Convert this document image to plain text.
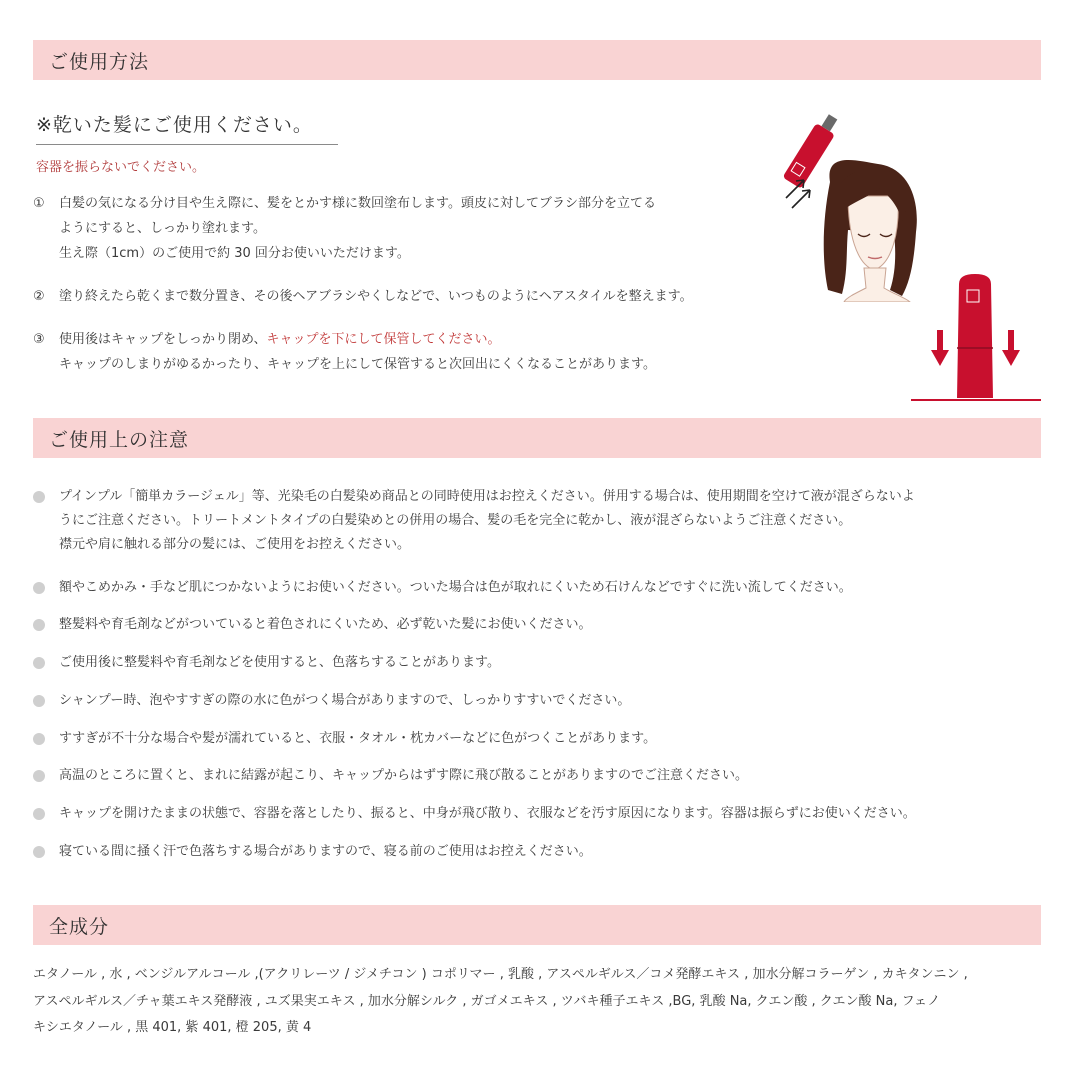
ご使用方法
※乾いた髪にご使用ください。
容器を振らないでください。
①	白髪の気になる分け目や生え際に、髪をとかす様に数回塗布します。頭皮に対してブラシ部分を立てる
ようにすると、しっかり塗れます。
生え際（1cm）のご使用で約 30 回分お使いいただけます。
②	塗り終えたら乾くまで数分置き、その後ヘアブラシやくしなどで、いつものようにヘアスタイルを整えます。
③	使用後はキャップをしっかり閉め、キャップを下にして保管してください。
キャップのしまりがゆるかったり、キャップを上にして保管すると次回出にくくなることがあります。
ご使用上の注意
プインプル「簡単カラージェル」等、光染毛の白髪染め商品との同時使用はお控えください。併用する場合は、使用期間を空けて液が混ざらないよ
うにご注意ください。トリートメントタイプの白髪染めとの併用の場合、髪の毛を完全に乾かし、液が混ざらないようご注意ください。
襟元や肩に触れる部分の髪には、ご使用をお控えください。
額やこめかみ・手など肌につかないようにお使いください。ついた場合は色が取れにくいため石けんなどですぐに洗い流してください。
整髪料や育毛剤などがついていると着色されにくいため、必ず乾いた髪にお使いください。
ご使用後に整髪料や育毛剤などを使用すると、色落ちすることがあります。
シャンプー時、泡やすすぎの際の水に色がつく場合がありますので、しっかりすすいでください。
すすぎが不十分な場合や髪が濡れていると、衣服・タオル・枕カバーなどに色がつくことがあります。
高温のところに置くと、まれに結露が起こり、キャップからはずす際に飛び散ることがありますのでご注意ください。
キャップを開けたままの状態で、容器を落としたり、振ると、中身が飛び散り、衣服などを汚す原因になります。容器は振らずにお使いください。
寝ている間に掻く汗で色落ちする場合がありますので、寝る前のご使用はお控えください。
全成分
エタノール , 水 , ベンジルアルコール ,(アクリレーツ / ジメチコン ) コポリマー , 乳酸 , アスペルギルス／コメ発酵エキス , 加水分解コラーゲン , カキタンニン ,
アスペルギルス／チャ葉エキス発酵液 , ユズ果実エキス , 加水分解シルク , ガゴメエキス , ツバキ種子エキス ,BG, 乳酸 Na, クエン酸 , クエン酸 Na, フェノ
キシエタノール , 黒 401, 紫 401, 橙 205, 黄 4
